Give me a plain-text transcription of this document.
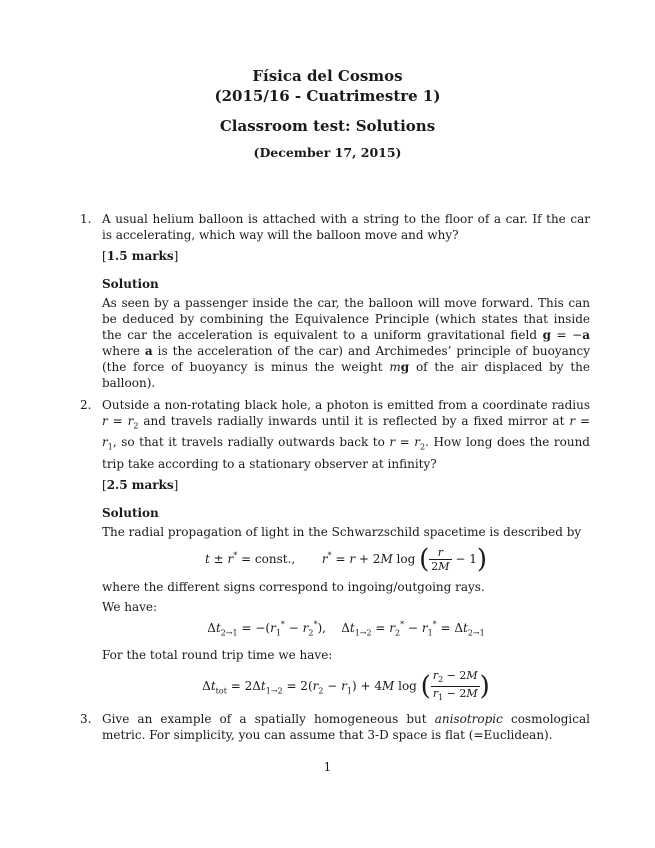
Física del Cosmos
(2015/16 - Cuatrimestre 1)
Classroom test: Solutions
(December 17, 2015)
1. A usual helium balloon is attached with a string to the floor of a car. If the car is accelerating, which way will the balloon move and why?

[1.5 marks]
Solution

As seen by a passenger inside the car, the balloon will move forward. This can be deduced by combining the Equivalence Principle (which states that inside the car the acceleration is equivalent to a uniform gravitational field g = −a where a is the acceleration of the car) and Archimedes’ principle of buoyancy (the force of buoyancy is minus the weight mg of the air displaced by the balloon).

2. Outside a non-rotating black hole, a photon is emitted from a coordinate radius $r = r_2$ and travels radially inwards until it is reflected by a fixed mirror at $r = r_1$, so that it travels radially outwards back to $r = r_2$. How long does the round trip take according to a stationary observer at infinity?

[2.5 marks]
Solution

The radial propagation of light in the Schwarzschild spacetime is described by

t ± r* = const.,       r* = r + 2M log ( $\frac{r}{2M} - 1$)

where the different signs correspond to ingoing/outgoing rays.

We have:

$\Delta t_{2\to 1} = -(r_1^* - r_2^*)$,    $\Delta t_{1\to 2} = r_2^* - r_1^* = \Delta t_{2\to 1}$

For the total round trip time we have:

$\Delta t_{tot} = 2\Delta t_{1\to 2} = 2(r_2 - r_1) + 4M$ log ( $\frac{r_2 - 2M}{r_1 - 2M}$ )
3. Give an example of a spatially homogeneous but anisotropic cosmological metric. For simplicity, you can assume that 3-D space is flat (=Euclidean).

1
